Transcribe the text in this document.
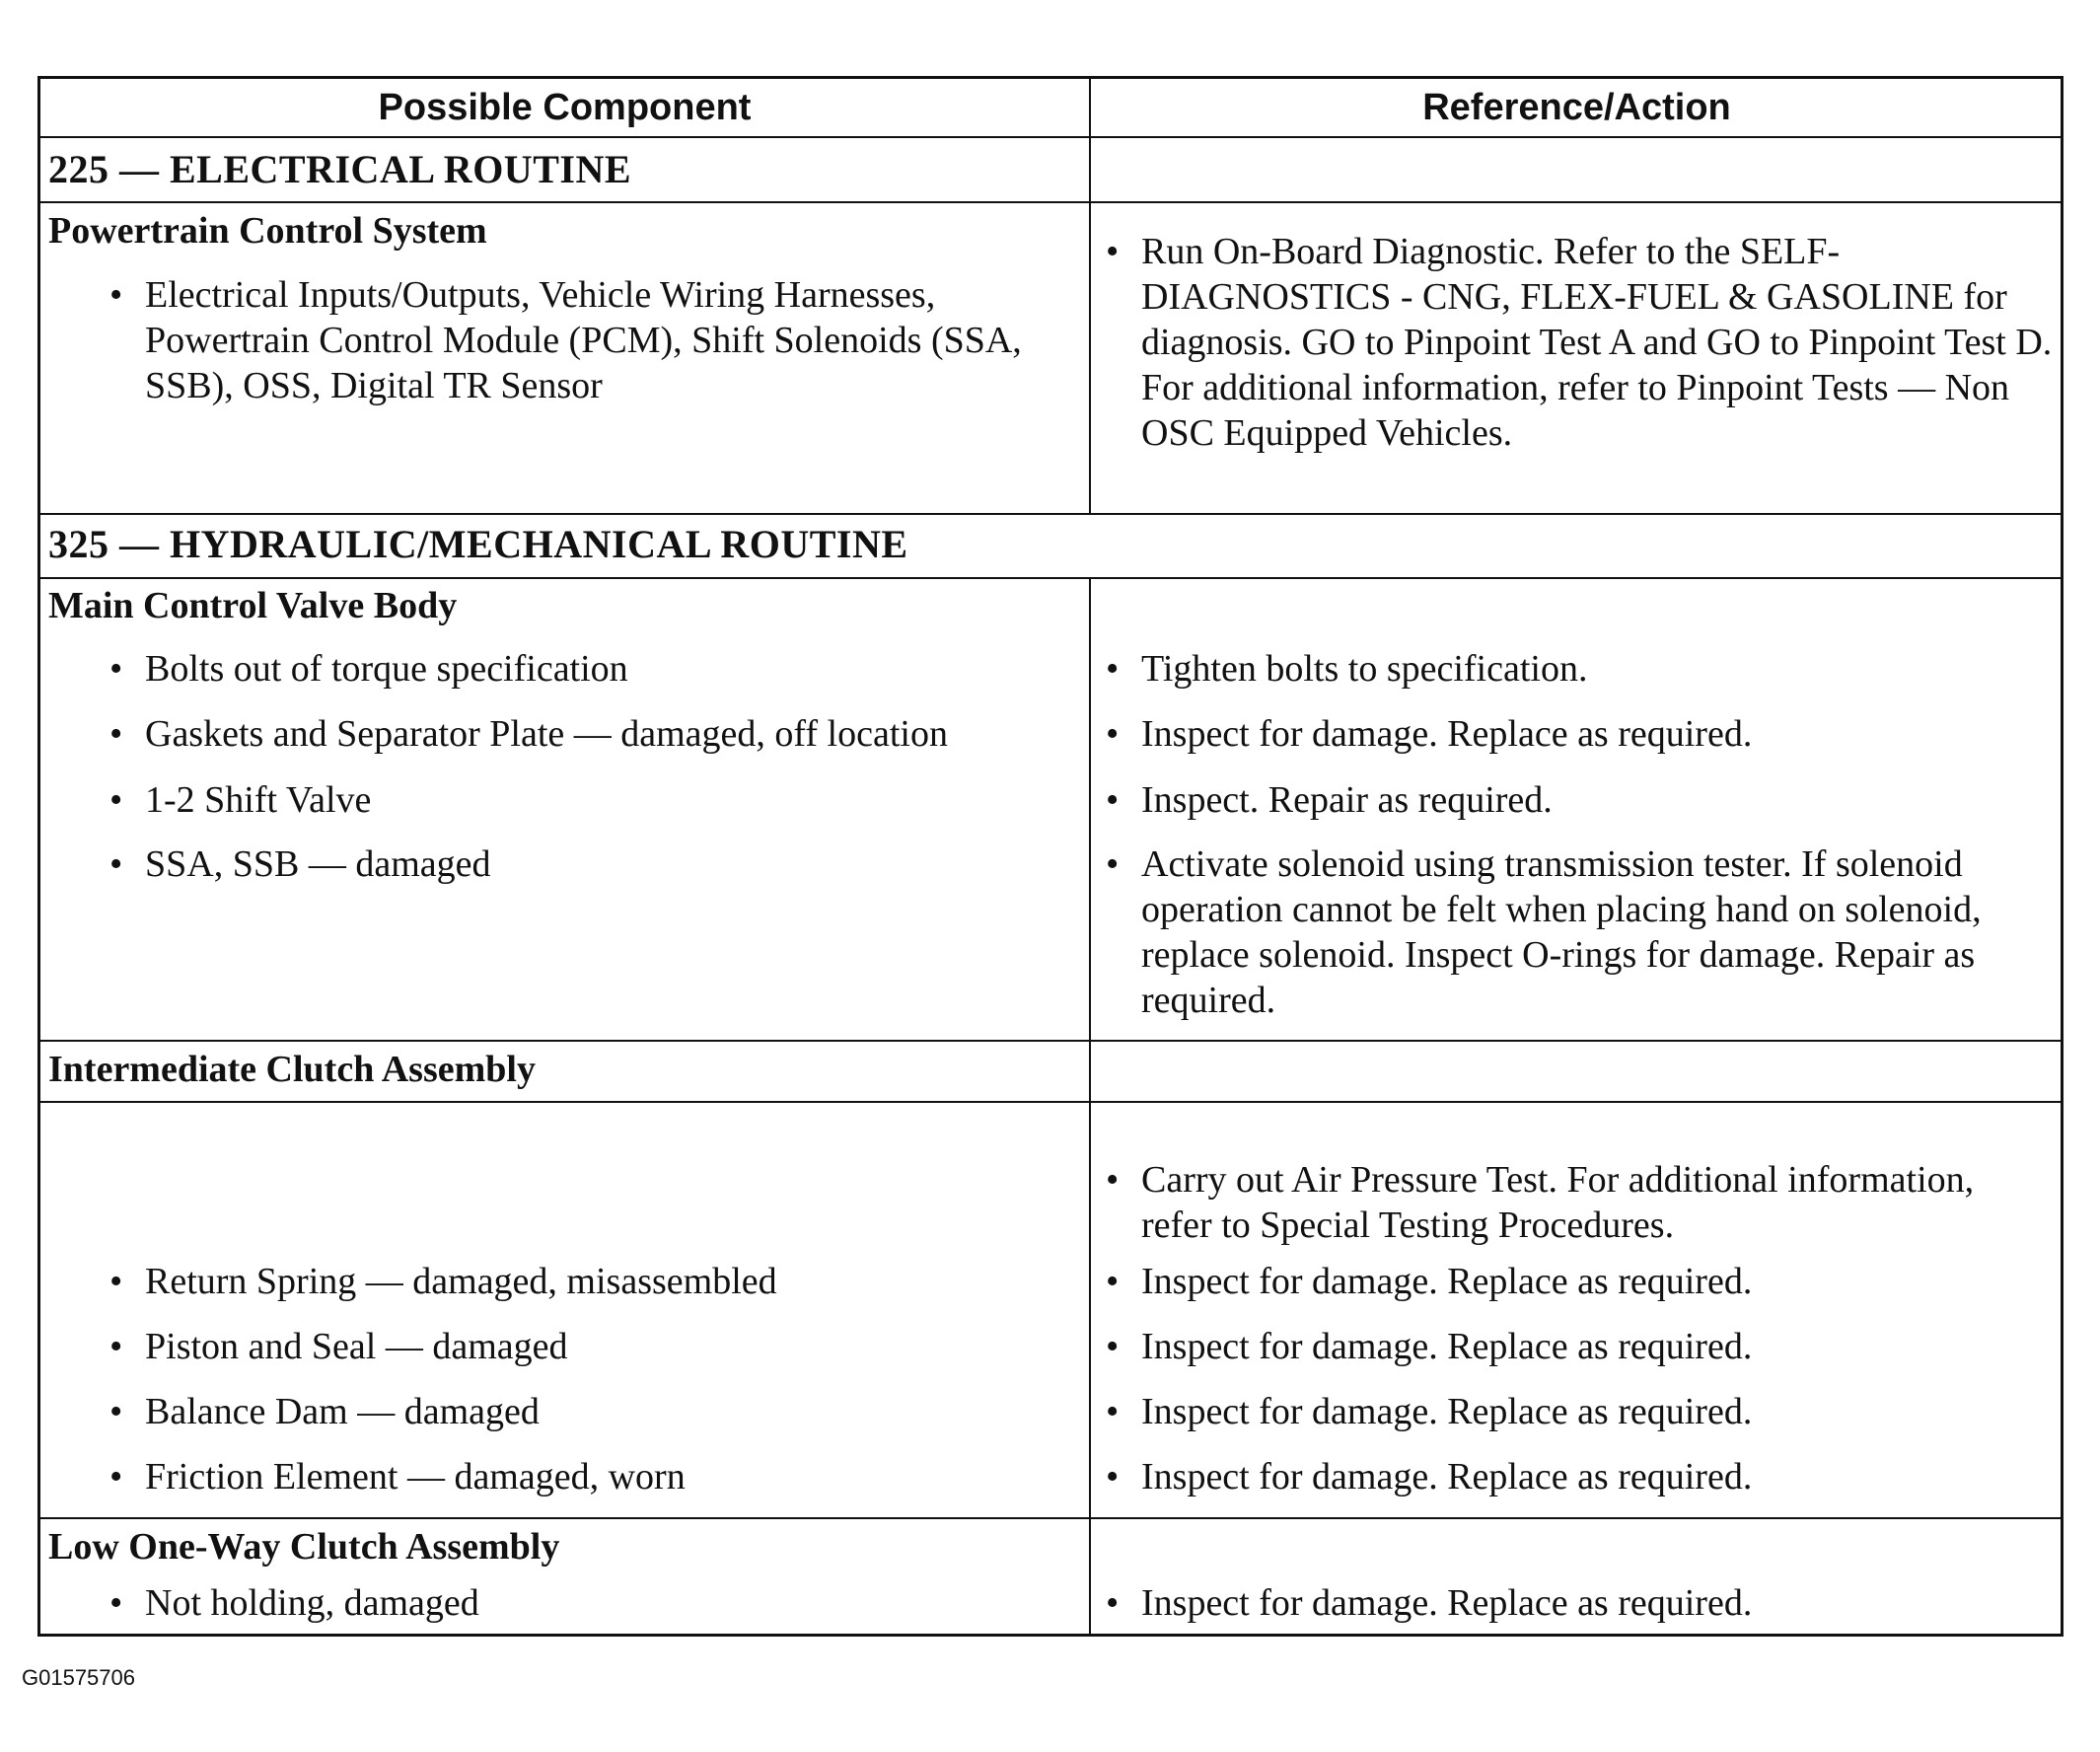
Possible Component	Reference/Action
225 — ELECTRICAL ROUTINE
Powertrain Control System
• Electrical Inputs/Outputs, Vehicle Wiring Harnesses, Powertrain Control Module (PCM), Shift Solenoids (SSA, SSB), OSS, Digital TR Sensor
• Run On-Board Diagnostic. Refer to the SELF-DIAGNOSTICS - CNG, FLEX-FUEL & GASOLINE for diagnosis. GO to Pinpoint Test A and GO to Pinpoint Test D. For additional information, refer to Pinpoint Tests — Non OSC Equipped Vehicles.
325 — HYDRAULIC/MECHANICAL ROUTINE
Main Control Valve Body
• Bolts out of torque specification
• Gaskets and Separator Plate — damaged, off location
• 1-2 Shift Valve
• SSA, SSB — damaged
• Tighten bolts to specification.
• Inspect for damage. Replace as required.
• Inspect. Repair as required.
• Activate solenoid using transmission tester. If solenoid operation cannot be felt when placing hand on solenoid, replace solenoid. Inspect O-rings for damage. Repair as required.
Intermediate Clutch Assembly
• Return Spring — damaged, misassembled
• Piston and Seal — damaged
• Balance Dam — damaged
• Friction Element — damaged, worn
• Carry out Air Pressure Test. For additional information, refer to Special Testing Procedures.
• Inspect for damage. Replace as required.
• Inspect for damage. Replace as required.
• Inspect for damage. Replace as required.
• Inspect for damage. Replace as required.
Low One-Way Clutch Assembly
• Not holding, damaged	• Inspect for damage. Replace as required.
G01575706
